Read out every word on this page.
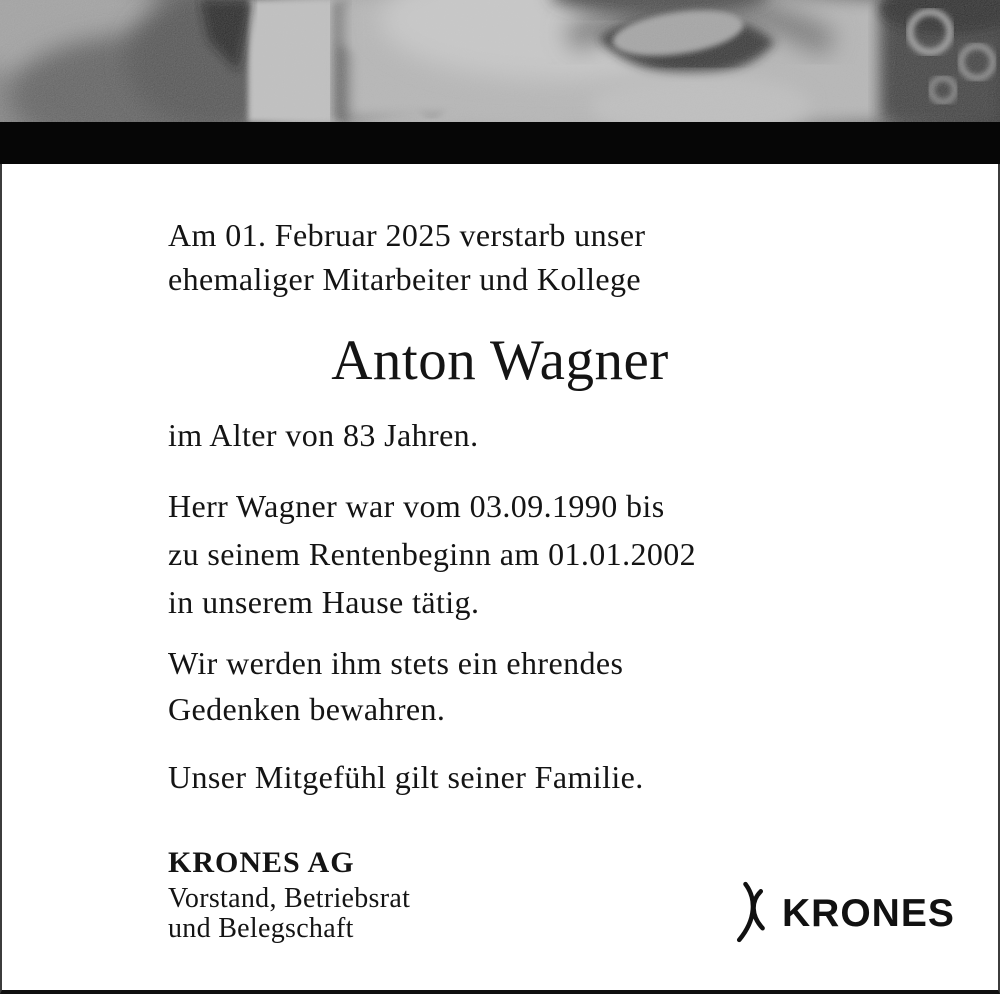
Am 01. Februar 2025 verstarb unser
ehemaliger Mitarbeiter und Kollege
Anton Wagner
im Alter von 83 Jahren.
Herr Wagner war vom 03.09.1990 bis
zu seinem Rentenbeginn am 01.01.2002
in unserem Hause tätig.
Wir werden ihm stets ein ehrendes
Gedenken bewahren.
Unser Mitgefühl gilt seiner Familie.
KRONES AG
Vorstand, Betriebsrat
und Belegschaft	KRONES
